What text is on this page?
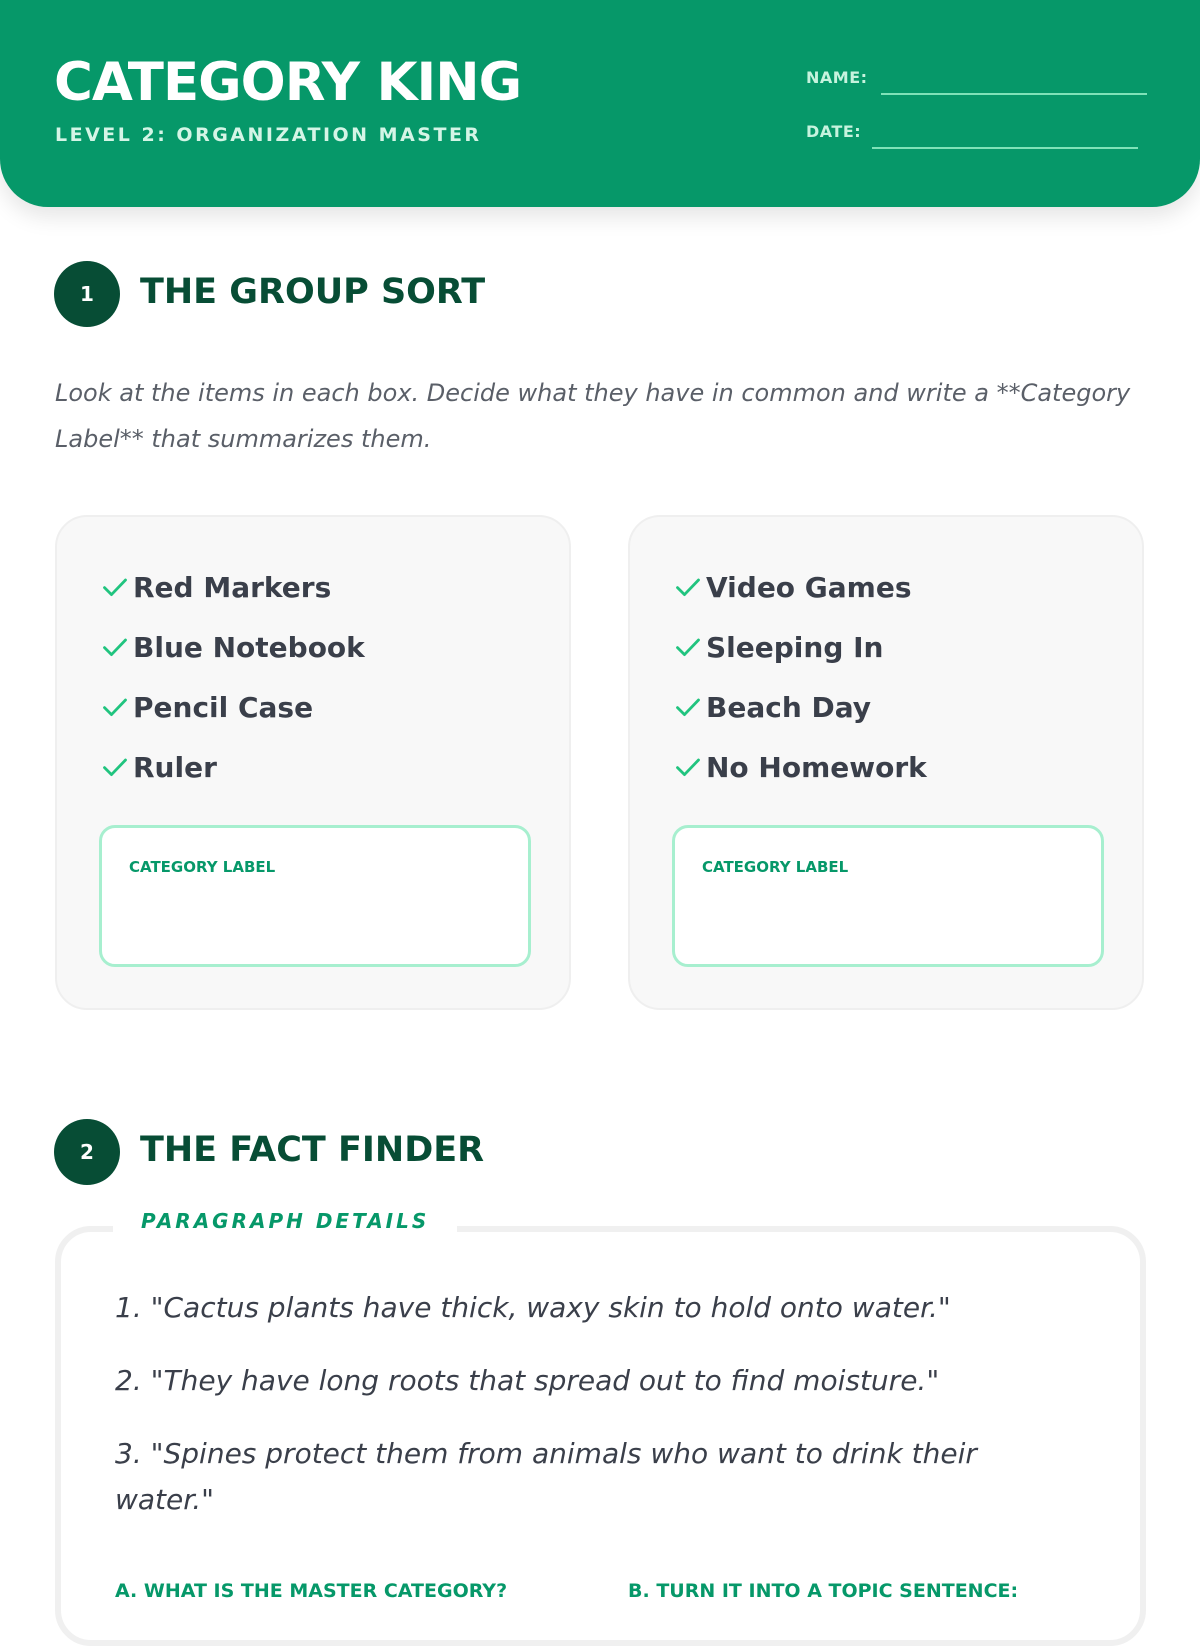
CATEGORY KING
LEVEL 2: ORGANIZATION MASTER
NAME:
DATE:
1	THE GROUP SORT
Look at the items in each box. Decide what they have in common and write a **Category Label** that summarizes them.
Red Markers
Blue Notebook
Pencil Case
Ruler
CATEGORY LABEL
Video Games
Sleeping In
Beach Day
No Homework
CATEGORY LABEL
2	THE FACT FINDER
PARAGRAPH DETAILS
1. "Cactus plants have thick, waxy skin to hold onto water."
2. "They have long roots that spread out to find moisture."
3. "Spines protect them from animals who want to drink their water."
A. WHAT IS THE MASTER CATEGORY?	B. TURN IT INTO A TOPIC SENTENCE:
